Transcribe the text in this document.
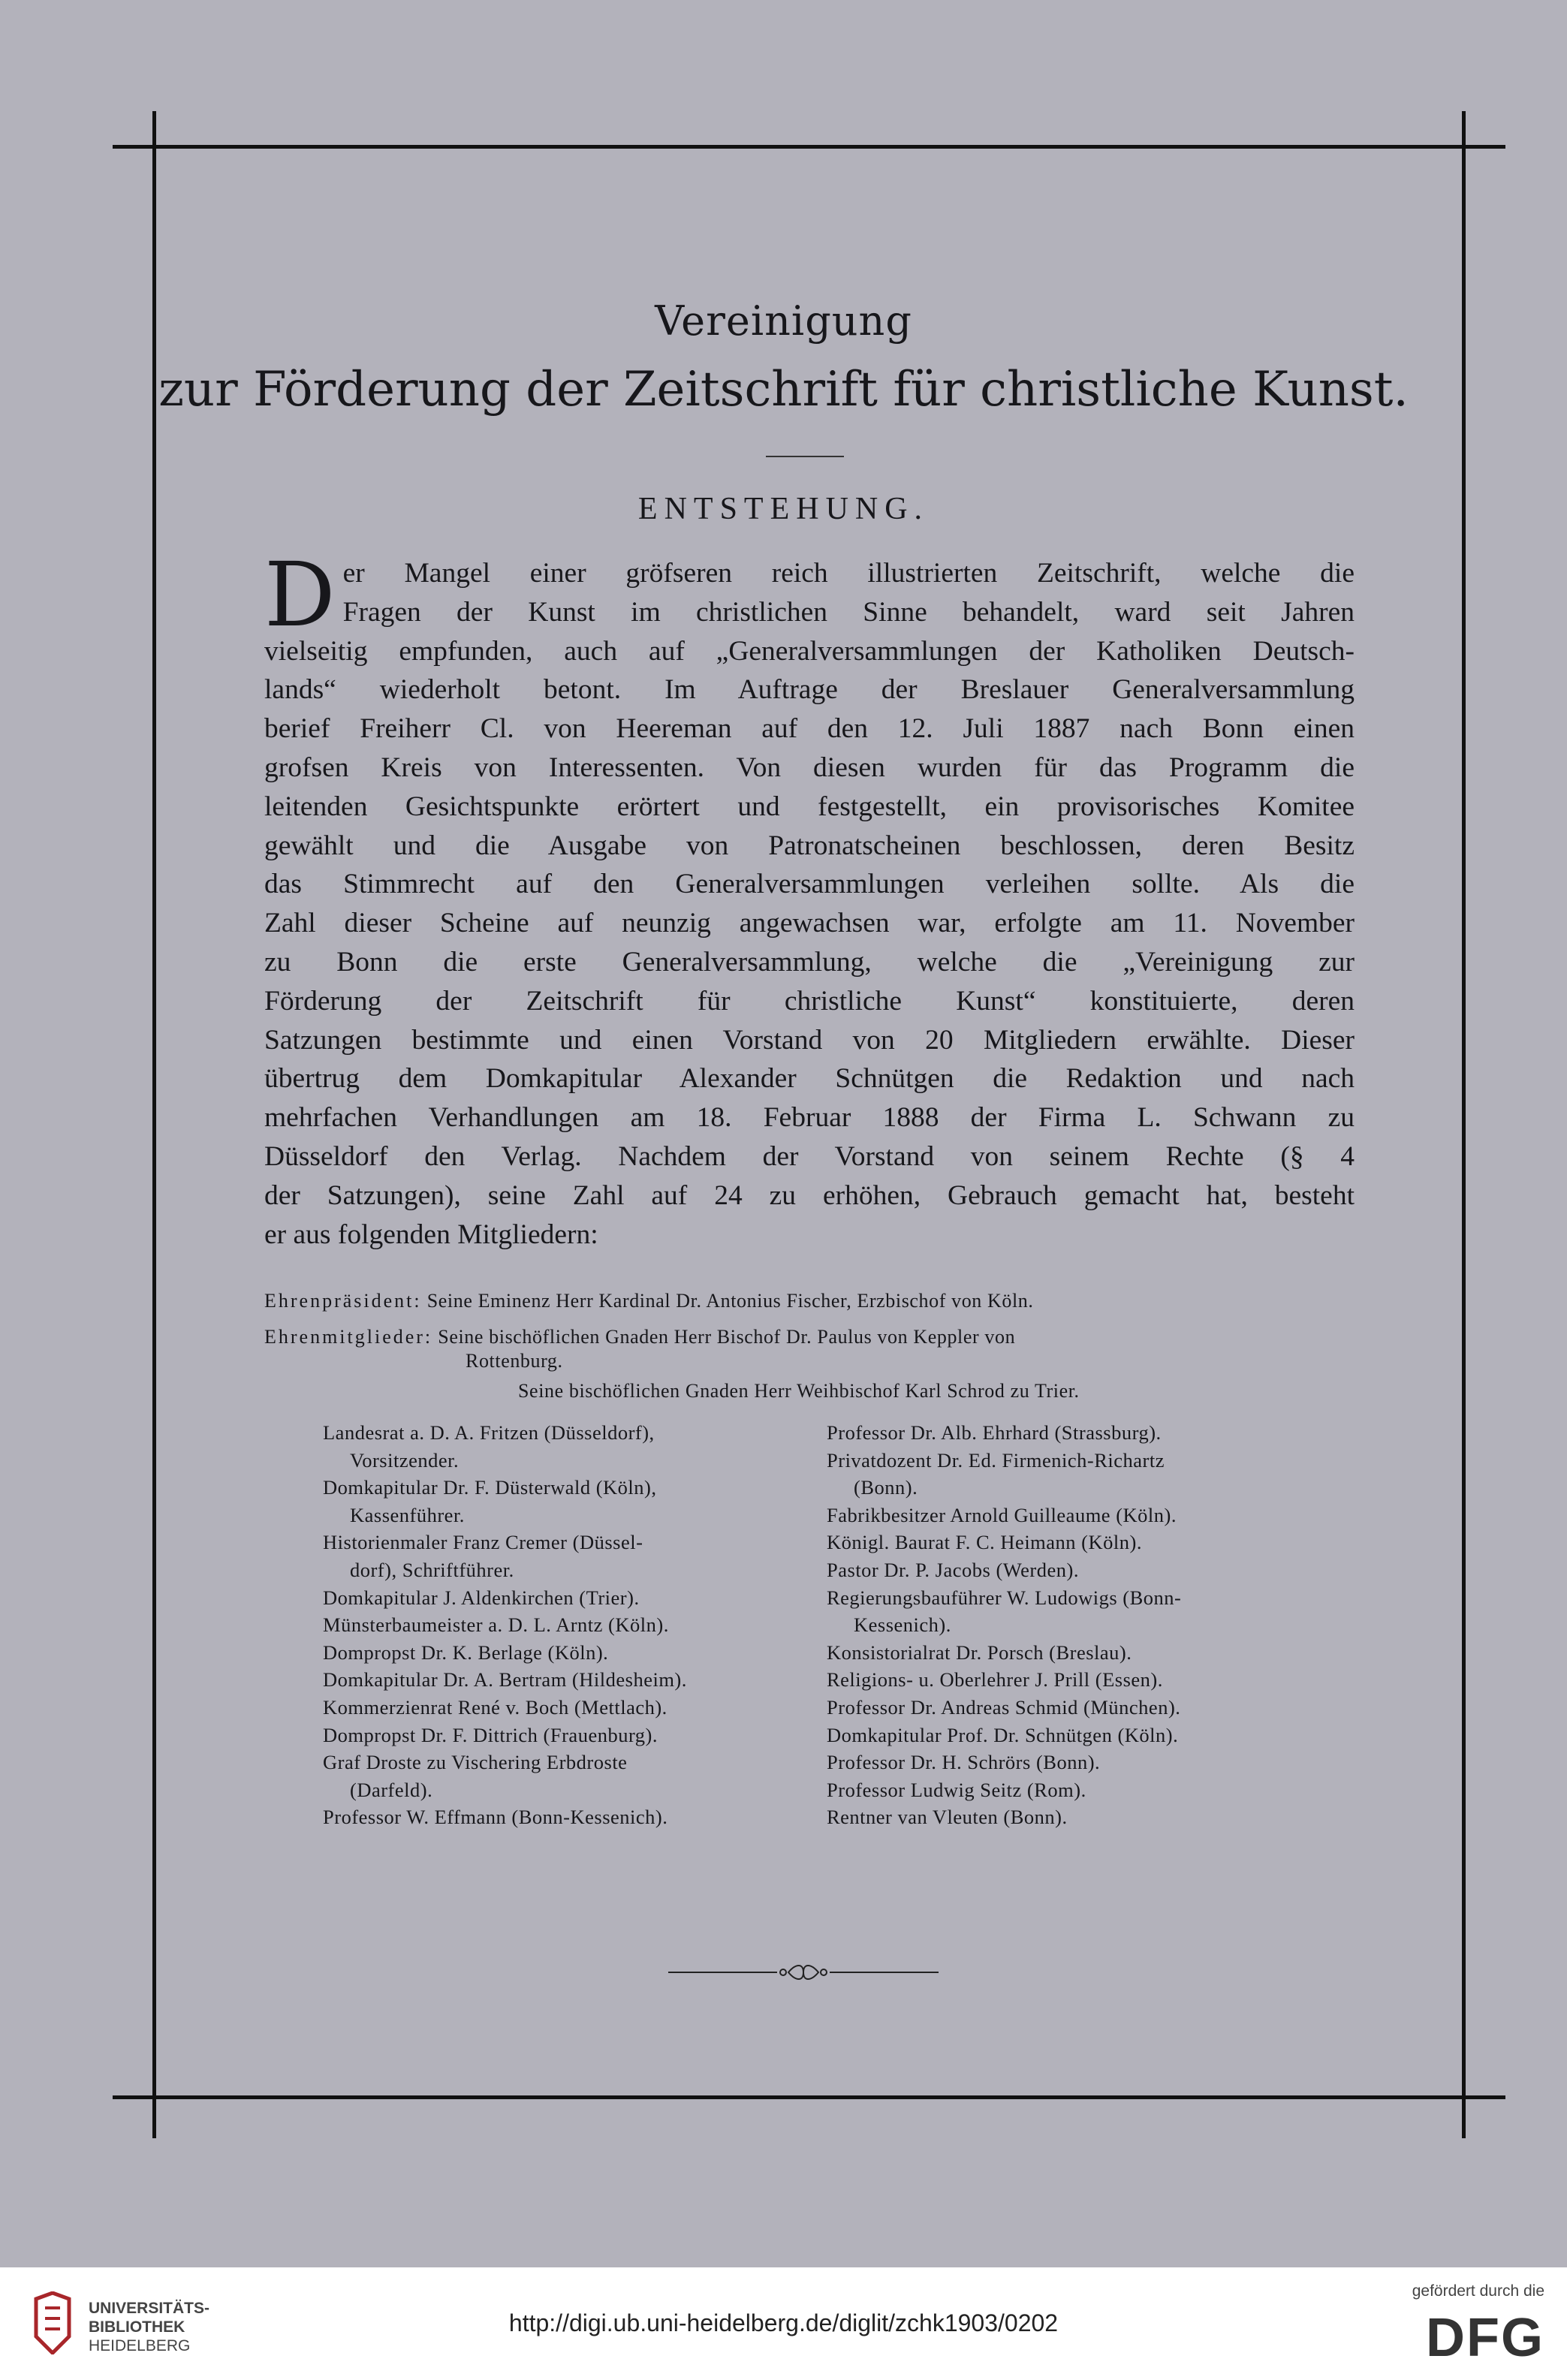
Vereinigung
zur Förderung der Zeitschrift für christliche Kunst.
ENTSTEHUNG.
D er Mangel einer gröfseren reich illustrierten Zeitschrift, welche die
Fragen der Kunst im christlichen Sinne behandelt, ward seit Jahren
vielseitig empfunden, auch auf „Generalversammlungen der Katholiken Deutsch-
lands“ wiederholt betont. Im Auftrage der Breslauer Generalversammlung
berief Freiherr Cl. von Heereman auf den 12. Juli 1887 nach Bonn einen
grofsen Kreis von Interessenten. Von diesen wurden für das Programm die
leitenden Gesichtspunkte erörtert und festgestellt, ein provisorisches Komitee
gewählt und die Ausgabe von Patronatscheinen beschlossen, deren Besitz
das Stimmrecht auf den Generalversammlungen verleihen sollte. Als die
Zahl dieser Scheine auf neunzig angewachsen war, erfolgte am 11. November
zu Bonn die erste Generalversammlung, welche die „Vereinigung zur
Förderung der Zeitschrift für christliche Kunst“ konstituierte, deren
Satzungen bestimmte und einen Vorstand von 20 Mitgliedern erwählte. Dieser
übertrug dem Domkapitular Alexander Schnütgen die Redaktion und nach
mehrfachen Verhandlungen am 18. Februar 1888 der Firma L. Schwann zu
Düsseldorf den Verlag. Nachdem der Vorstand von seinem Rechte (§ 4
der Satzungen), seine Zahl auf 24 zu erhöhen, Gebrauch gemacht hat, besteht
er aus folgenden Mitgliedern:
Ehrenpräsident: Seine Eminenz Herr Kardinal Dr. Antonius Fischer, Erzbischof von Köln.
Ehrenmitglieder: Seine bischöflichen Gnaden Herr Bischof Dr. Paulus von Keppler von
Rottenburg.
Seine bischöflichen Gnaden Herr Weihbischof Karl Schrod zu Trier.
Landesrat a. D. A. Fritzen (Düsseldorf),
Vorsitzender.
Domkapitular Dr. F. Düsterwald (Köln),
Kassenführer.
Historienmaler Franz Cremer (Düssel-
dorf), Schriftführer.
Domkapitular J. Aldenkirchen (Trier).
Münsterbaumeister a. D. L. Arntz (Köln).
Dompropst Dr. K. Berlage (Köln).
Domkapitular Dr. A. Bertram (Hildesheim).
Kommerzienrat René v. Boch (Mettlach).
Dompropst Dr. F. Dittrich (Frauenburg).
Graf Droste zu Vischering Erbdroste
(Darfeld).
Professor W. Effmann (Bonn-Kessenich).
Professor Dr. Alb. Ehrhard (Strassburg).
Privatdozent Dr. Ed. Firmenich-Richartz
(Bonn).
Fabrikbesitzer Arnold Guilleaume (Köln).
Königl. Baurat F. C. Heimann (Köln).
Pastor Dr. P. Jacobs (Werden).
Regierungsbauführer W. Ludowigs (Bonn-
Kessenich).
Konsistorialrat Dr. Porsch (Breslau).
Religions- u. Oberlehrer J. Prill (Essen).
Professor Dr. Andreas Schmid (München).
Domkapitular Prof. Dr. Schnütgen (Köln).
Professor Dr. H. Schrörs (Bonn).
Professor Ludwig Seitz (Rom).
Rentner van Vleuten (Bonn).
UNIVERSITÄTS-
BIBLIOTHEK
HEIDELBERG
http://digi.ub.uni-heidelberg.de/diglit/zchk1903/0202
gefördert durch die
DFG
